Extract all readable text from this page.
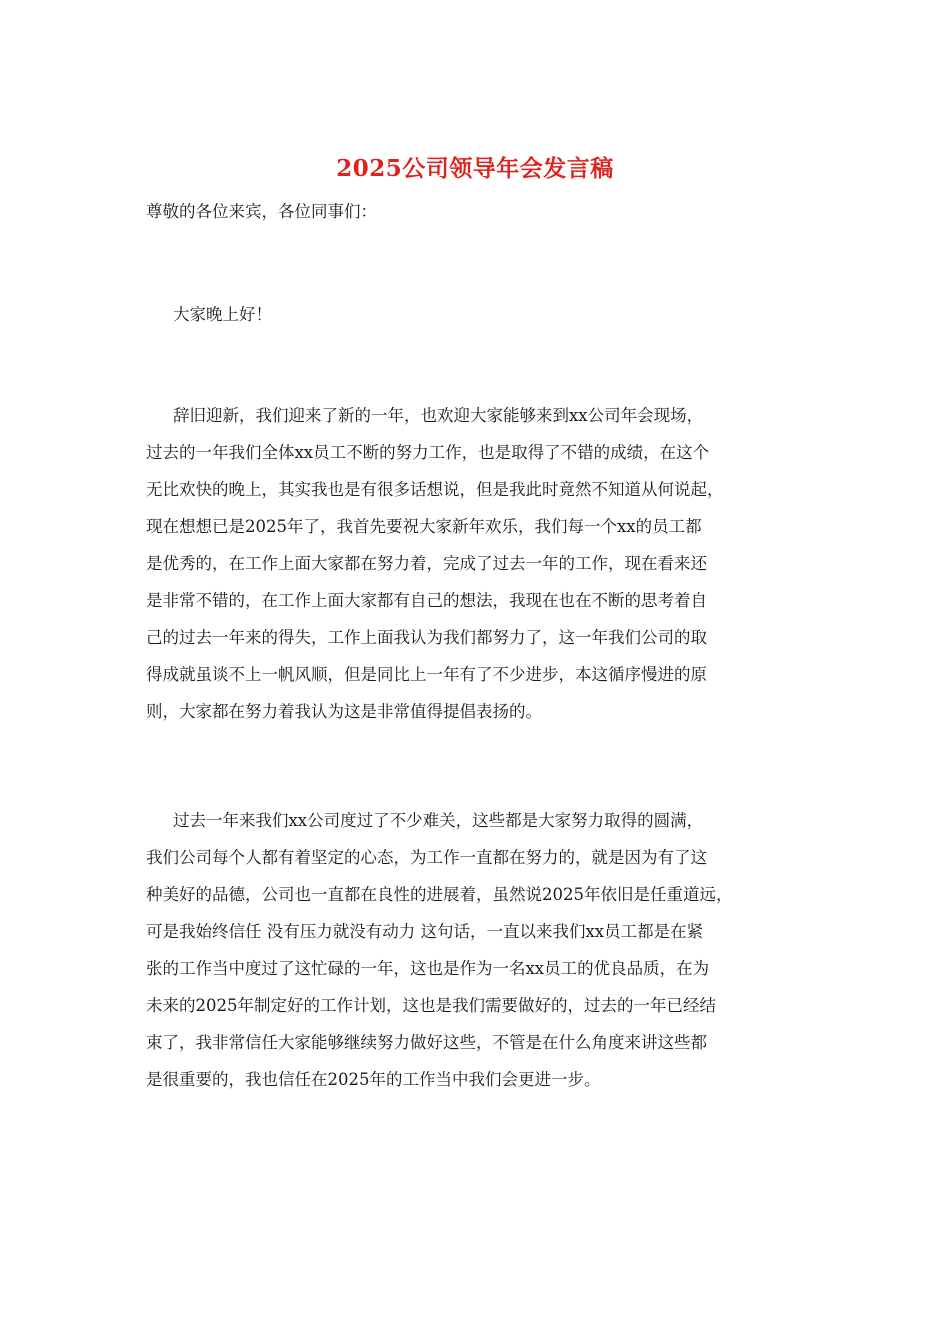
2025公司领导年会发言稿

尊敬的各位来宾，各位同事们：

大家晚上好！

辞旧迎新，我们迎来了新的一年，也欢迎大家能够来到xx公司年会现场，
过去的一年我们全体xx员工不断的努力工作，也是取得了不错的成绩，在这个
无比欢快的晚上，其实我也是有很多话想说，但是我此时竟然不知道从何说起，
现在想想已是2025年了，我首先要祝大家新年欢乐，我们每一个xx的员工都
是优秀的，在工作上面大家都在努力着，完成了过去一年的工作，现在看来还
是非常不错的，在工作上面大家都有自己的想法，我现在也在不断的思考着自
己的过去一年来的得失，工作上面我认为我们都努力了，这一年我们公司的取
得成就虽谈不上一帆风顺，但是同比上一年有了不少进步，本这循序慢进的原
则，大家都在努力着我认为这是非常值得提倡表扬的。

过去一年来我们xx公司度过了不少难关，这些都是大家努力取得的圆满，
我们公司每个人都有着坚定的心态，为工作一直都在努力的，就是因为有了这
种美好的品德，公司也一直都在良性的进展着，虽然说2025年依旧是任重道远，
可是我始终信任 没有压力就没有动力 这句话，一直以来我们xx员工都是在紧
张的工作当中度过了这忙碌的一年，这也是作为一名xx员工的优良品质，在为
未来的2025年制定好的工作计划，这也是我们需要做好的，过去的一年已经结
束了，我非常信任大家能够继续努力做好这些，不管是在什么角度来讲这些都
是很重要的，我也信任在2025年的工作当中我们会更进一步。
